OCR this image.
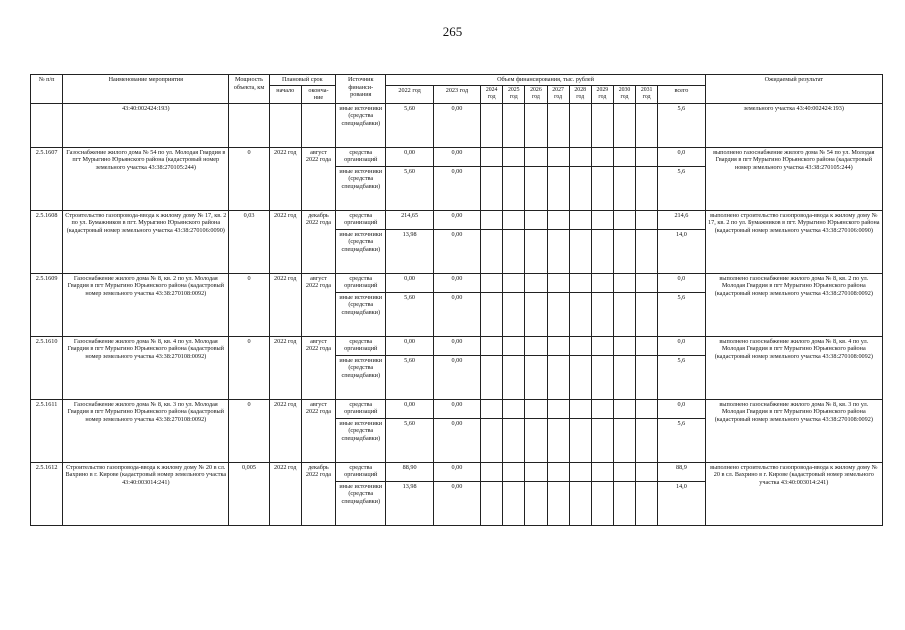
265
№ п/п	Наименование мероприятия	Мощность объекта, км	Плановый срок		Источник финанси-рования	Объем финансирования, тыс. рублей											Ожидаемый результат
			начало	оконча-ние		2022 год	2023 год	2024 год	2025 год	2026 год	2027 год	2028 год	2029 год	2030 год	2031 год	всего	
	43:40:002424:193)				иные источники (средства спецнадбавки)	5,60	0,00									5,6	земельного участка 43:40:002424:193)
2.5.1607	Газоснабжение жилого дома № 54 по ул. Молодая Гвардия в пгт Мурыгино Юрьянского района (кадастровый номер земельного участка 43:38:270105:244)	0	2022 год	август 2022 года	средства организаций	0,00	0,00									0,0	выполнено газоснабжение жилого дома № 54 по ул. Молодая Гвардия в пгт Мурыгино Юрьянского района (кадастровый номер земельного участка 43:38:270105:244)
					иные источники (средства спецнадбавки)	5,60	0,00									5,6	
2.5.1608	Строительство газопровода-ввода к жилому дому № 17, кв. 2 по ул. Бумажников в пгт. Мурыгино Юрьянского района (кадастровый номер земельного участка 43:38:270106:0090)	0,03	2022 год	декабрь 2022 года	средства организаций	214,65	0,00									214,6	выполнено строительство газопровода-ввода к жилому дому № 17, кв. 2 по ул. Бумажников в пгт. Мурыгино Юрьянского района (кадастровый номер земельного участка 43:38:270106:0090)
					иные источники (средства спецнадбавки)	13,98	0,00									14,0	
2.5.1609	Газоснабжение жилого дома № 8, кв. 2 по ул. Молодая Гвардия в пгт Мурыгино Юрьянского района (кадастровый номер земельного участка 43:38:270108:0092)	0	2022 год	август 2022 года	средства организаций	0,00	0,00									0,0	выполнено газоснабжение жилого дома № 8, кв. 2 по ул. Молодая Гвардия в пгт Мурыгино Юрьянского района (кадастровый номер земельного участка 43:38:270108:0092)
					иные источники (средства спецнадбавки)	5,60	0,00									5,6	
2.5.1610	Газоснабжение жилого дома № 8, кв. 4 по ул. Молодая Гвардия в пгт Мурыгино Юрьянского района (кадастровый номер земельного участка 43:38:270108:0092)	0	2022 год	август 2022 года	средства организаций	0,00	0,00									0,0	выполнено газоснабжение жилого дома № 8, кв. 4 по ул. Молодая Гвардия в пгт Мурыгино Юрьянского района (кадастровый номер земельного участка 43:38:270108:0092)
					иные источники (средства спецнадбавки)	5,60	0,00									5,6	
2.5.1611	Газоснабжение жилого дома № 8, кв. 3 по ул. Молодая Гвардия в пгт Мурыгино Юрьянского района (кадастровый номер земельного участка 43:38:270108:0092)	0	2022 год	август 2022 года	средства организаций	0,00	0,00									0,0	выполнено газоснабжение жилого дома № 8, кв. 3 по ул. Молодая Гвардия в пгт Мурыгино Юрьянского района (кадастровый номер земельного участка 43:38:270108:0092)
					иные источники (средства спецнадбавки)	5,60	0,00									5,6	
2.5.1612	Строительство газопровода-ввода к жилому дому № 20 в сл. Вахрино в г. Кирове (кадастровый номер земельного участка 43:40:003014:241)	0,005	2022 год	декабрь 2022 года	средства организаций	88,90	0,00									88,9	выполнено строительство газопровода-ввода к жилому дому № 20 в сл. Вахрино в г. Кирове (кадастровый номер земельного участка 43:40:003014:241)
					иные источники (средства спецнадбавки)	13,98	0,00									14,0	
